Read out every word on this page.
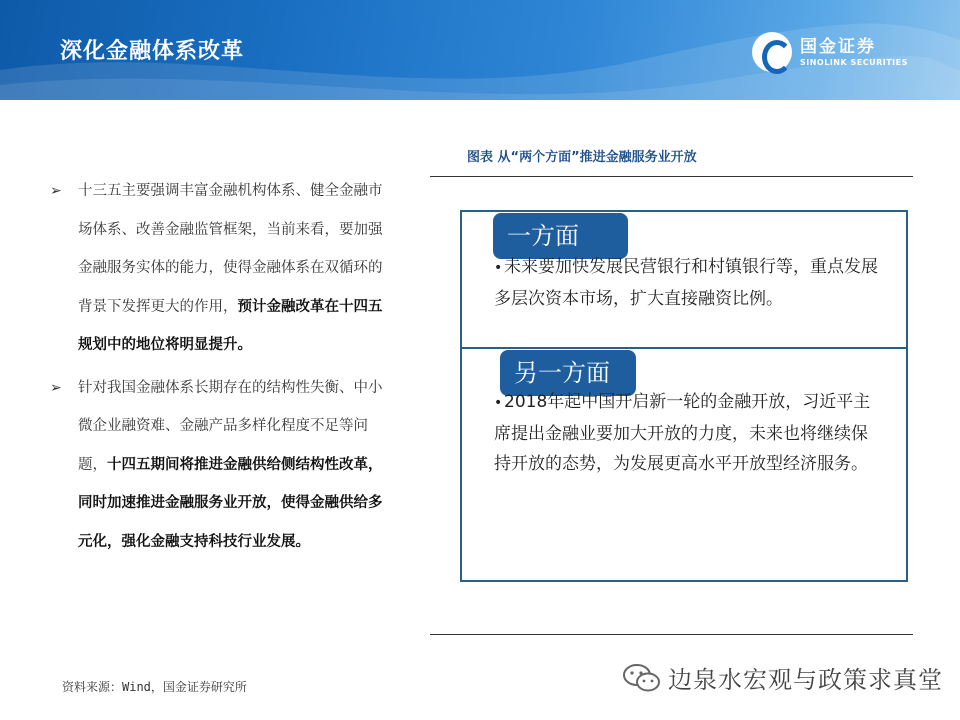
深化金融体系改革	国金证券
SINOLINK SECURITIES
➢	十三五主要强调丰富金融机构体系、健全金融市场体系、改善金融监管框架，当前来看，要加强金融服务实体的能力，使得金融体系在双循环的背景下发挥更大的作用，预计金融改革在十四五规划中的地位将明显提升。
➢	针对我国金融体系长期存在的结构性失衡、中小微企业融资难、金融产品多样化程度不足等问题，十四五期间将推进金融供给侧结构性改革，同时加速推进金融服务业开放，使得金融供给多元化，强化金融支持科技行业发展。
图表 从“两个方面”推进金融服务业开放
一方面
• 未来要加快发展民营银行和村镇银行等，重点发展多层次资本市场，扩大直接融资比例。
另一方面
• 2018年起中国开启新一轮的金融开放，习近平主席提出金融业要加大开放的力度，未来也将继续保持开放的态势，为发展更高水平开放型经济服务。
资料来源：Wind，国金证券研究所	边泉水宏观与政策求真堂
